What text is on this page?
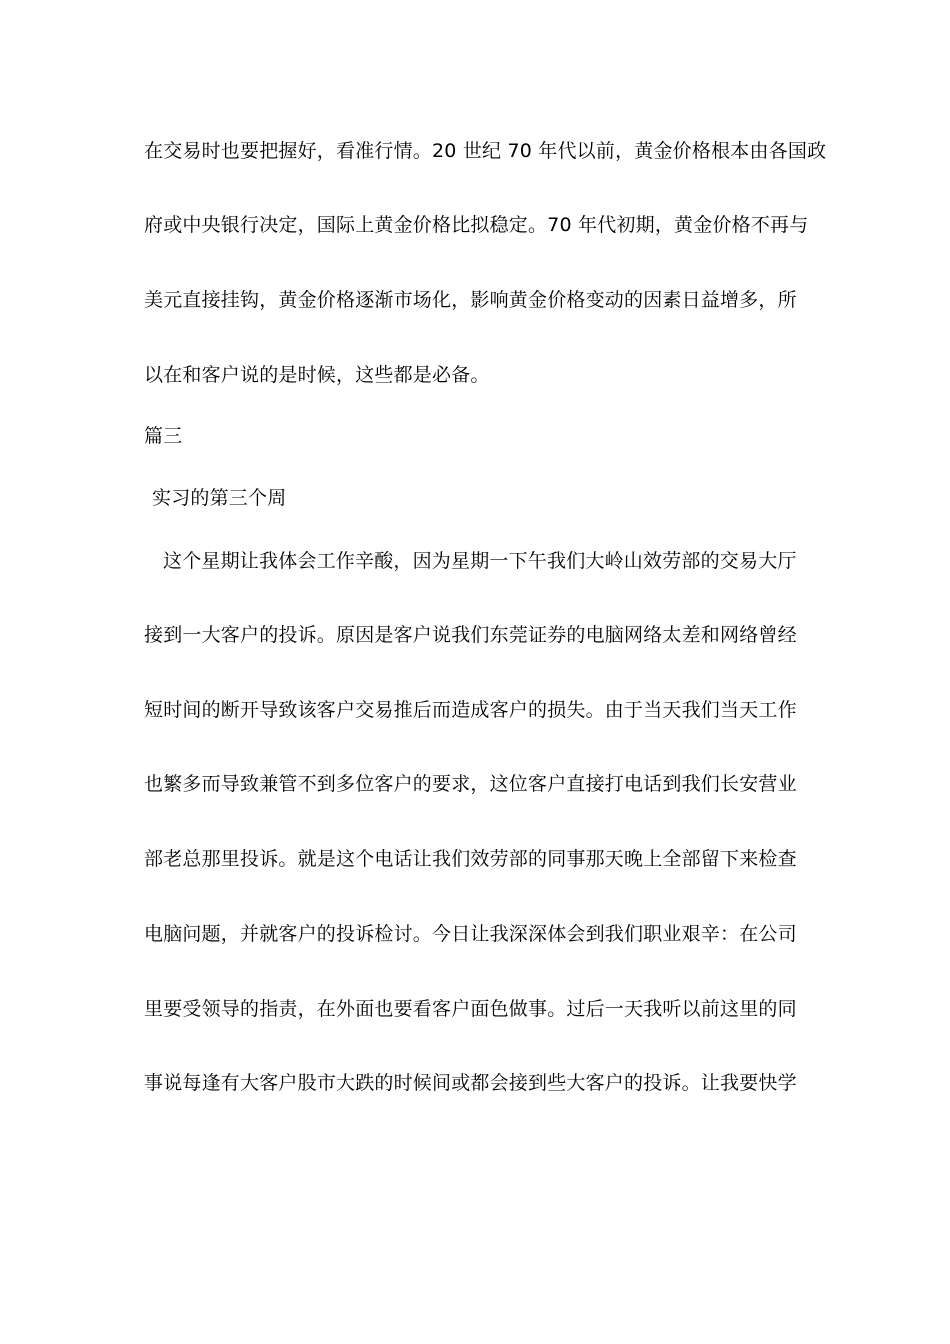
在交易时也要把握好，看准行情。20 世纪 70 年代以前，黄金价格根本由各国政
府或中央银行决定，国际上黄金价格比拟稳定。70 年代初期，黄金价格不再与
美元直接挂钩，黄金价格逐渐市场化，影响黄金价格变动的因素日益增多，所
以在和客户说的是时候，这些都是必备。
篇三
实习的第三个周
这个星期让我体会工作辛酸，因为星期一下午我们大岭山效劳部的交易大厅
接到一大客户的投诉。原因是客户说我们东莞证券的电脑网络太差和网络曾经
短时间的断开导致该客户交易推后而造成客户的损失。由于当天我们当天工作
也繁多而导致兼管不到多位客户的要求，这位客户直接打电话到我们长安营业
部老总那里投诉。就是这个电话让我们效劳部的同事那天晚上全部留下来检查
电脑问题，并就客户的投诉检讨。今日让我深深体会到我们职业艰辛：在公司
里要受领导的指责，在外面也要看客户面色做事。过后一天我听以前这里的同
事说每逢有大客户股市大跌的时候间或都会接到些大客户的投诉。让我要快学
